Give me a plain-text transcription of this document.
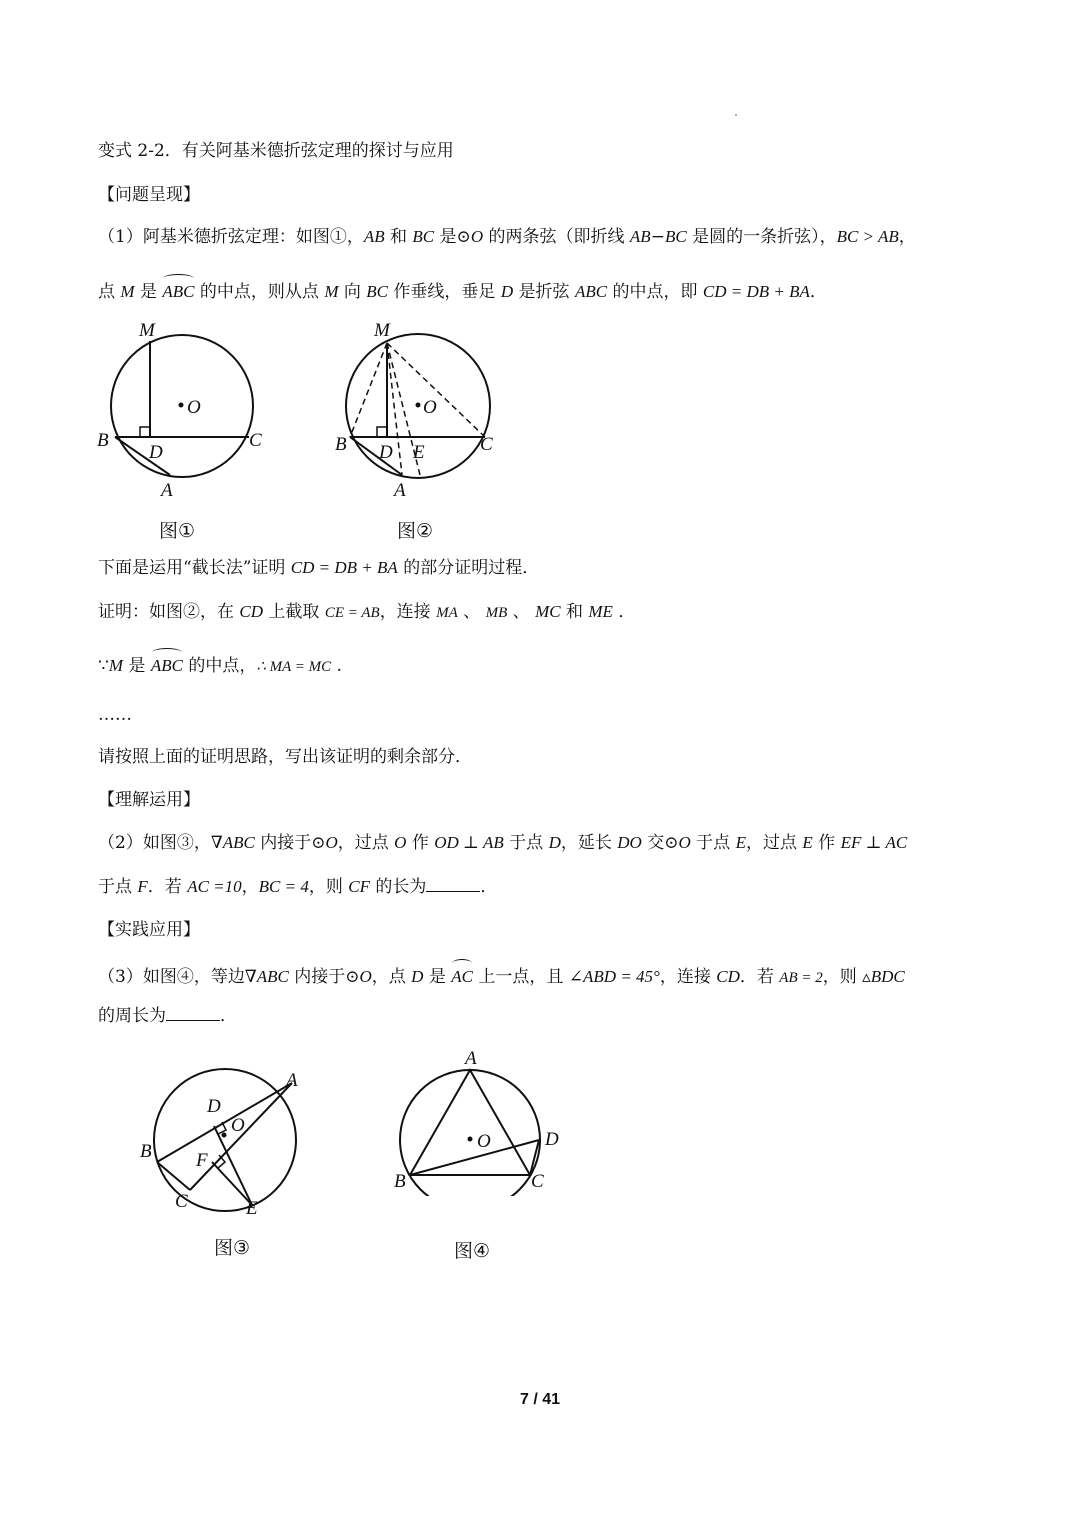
变式 2-2．有关阿基米德折弦定理的探讨与应用
【问题呈现】
（1）阿基米德折弦定理：如图①，AB 和 BC 是⊙O 的两条弦（即折线 AB−BC 是圆的一条折弦），BC > AB，
点 M 是 ABC 的中点，则从点 M 向 BC 作垂线，垂足 D 是折弦 ABC 的中点，即 CD = DB + BA．
M
O
B	C
D
A
图①
M
O
B	C
D E
A
图②
下面是运用“截长法”证明 CD = DB + BA 的部分证明过程．
证明：如图②，在 CD 上截取 CE = AB，连接 MA 、 MB 、 MC 和 ME ．
∵M 是 ABC 的中点，∴ MA = MC .
……
请按照上面的证明思路，写出该证明的剩余部分．
【理解运用】
（2）如图③，∇ABC 内接于⊙O，过点 O 作 OD ⊥ AB 于点 D，延长 DO 交⊙O 于点 E，过点 E 作 EF ⊥ AC
于点 F．若 AC =10，BC = 4，则 CF 的长为	．
【实践应用】
（3）如图④，等边∇ABC 内接于⊙O，点 D 是 AC 上一点，且 ∠ABD = 45°，连接 CD．若 AB = 2，则 ▵BDC
的周长为	．
A
D
O
B F
C	E
图③
A
O	D
B	C
图④
7 / 41
